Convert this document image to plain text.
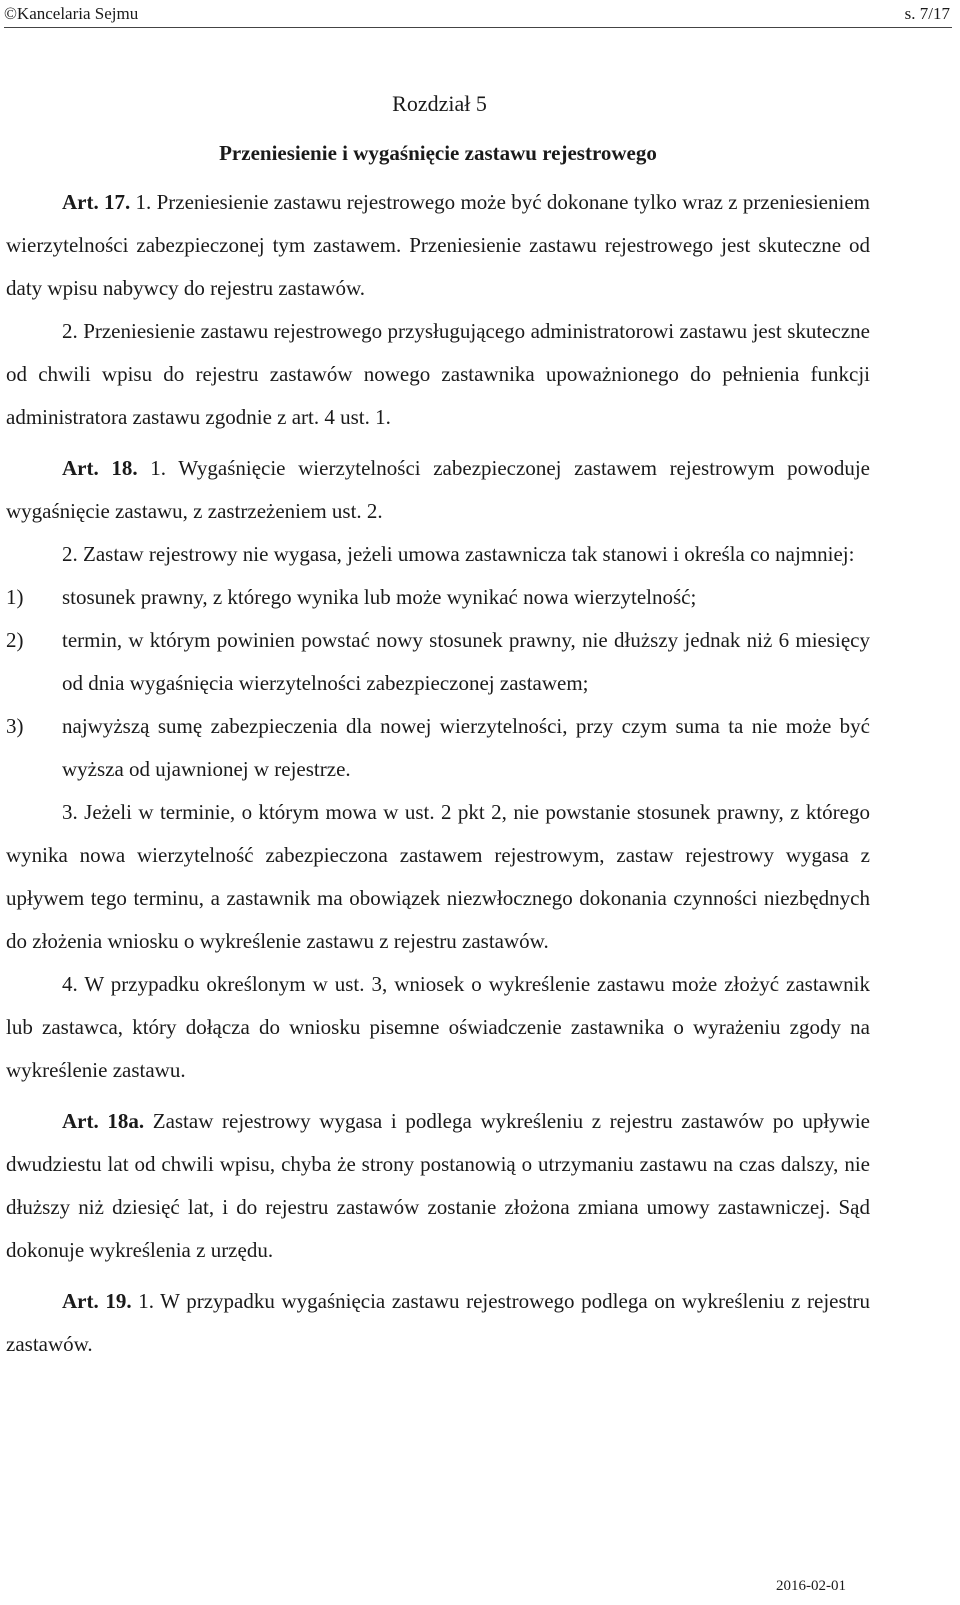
©Kancelaria Sejmu	s. 7/17
Rozdział 5
Przeniesienie i wygaśnięcie zastawu rejestrowego

Art. 17. 1. Przeniesienie zastawu rejestrowego może być dokonane tylko wraz z przeniesieniem wierzytelności zabezpieczonej tym zastawem. Przeniesienie zastawu rejestrowego jest skuteczne od daty wpisu nabywcy do rejestru zastawów.

2. Przeniesienie zastawu rejestrowego przysługującego administratorowi zastawu jest skuteczne od chwili wpisu do rejestru zastawów nowego zastawnika upoważnionego do pełnienia funkcji administratora zastawu zgodnie z art. 4 ust. 1.

Art. 18. 1. Wygaśnięcie wierzytelności zabezpieczonej zastawem rejestrowym powoduje wygaśnięcie zastawu, z zastrzeżeniem ust. 2.

2. Zastaw rejestrowy nie wygasa, jeżeli umowa zastawnicza tak stanowi i określa co najmniej:

1)	stosunek prawny, z którego wynika lub może wynikać nowa wierzytelność;
2)	termin, w którym powinien powstać nowy stosunek prawny, nie dłuższy jednak niż 6 miesięcy od dnia wygaśnięcia wierzytelności zabezpieczonej zastawem;
3)	najwyższą sumę zabezpieczenia dla nowej wierzytelności, przy czym suma ta nie może być wyższa od ujawnionej w rejestrze.

3. Jeżeli w terminie, o którym mowa w ust. 2 pkt 2, nie powstanie stosunek prawny, z którego wynika nowa wierzytelność zabezpieczona zastawem rejestrowym, zastaw rejestrowy wygasa z upływem tego terminu, a zastawnik ma obowiązek niezwłocznego dokonania czynności niezbędnych do złożenia wniosku o wykreślenie zastawu z rejestru zastawów.

4. W przypadku określonym w ust. 3, wniosek o wykreślenie zastawu może złożyć zastawnik lub zastawca, który dołącza do wniosku pisemne oświadczenie zastawnika o wyrażeniu zgody na wykreślenie zastawu.

Art. 18a. Zastaw rejestrowy wygasa i podlega wykreśleniu z rejestru zastawów po upływie dwudziestu lat od chwili wpisu, chyba że strony postanowią o utrzymaniu zastawu na czas dalszy, nie dłuższy niż dziesięć lat, i do rejestru zastawów zostanie złożona zmiana umowy zastawniczej. Sąd dokonuje wykreślenia z urzędu.

Art. 19. 1. W przypadku wygaśnięcia zastawu rejestrowego podlega on wykreśleniu z rejestru zastawów.

2016-02-01
